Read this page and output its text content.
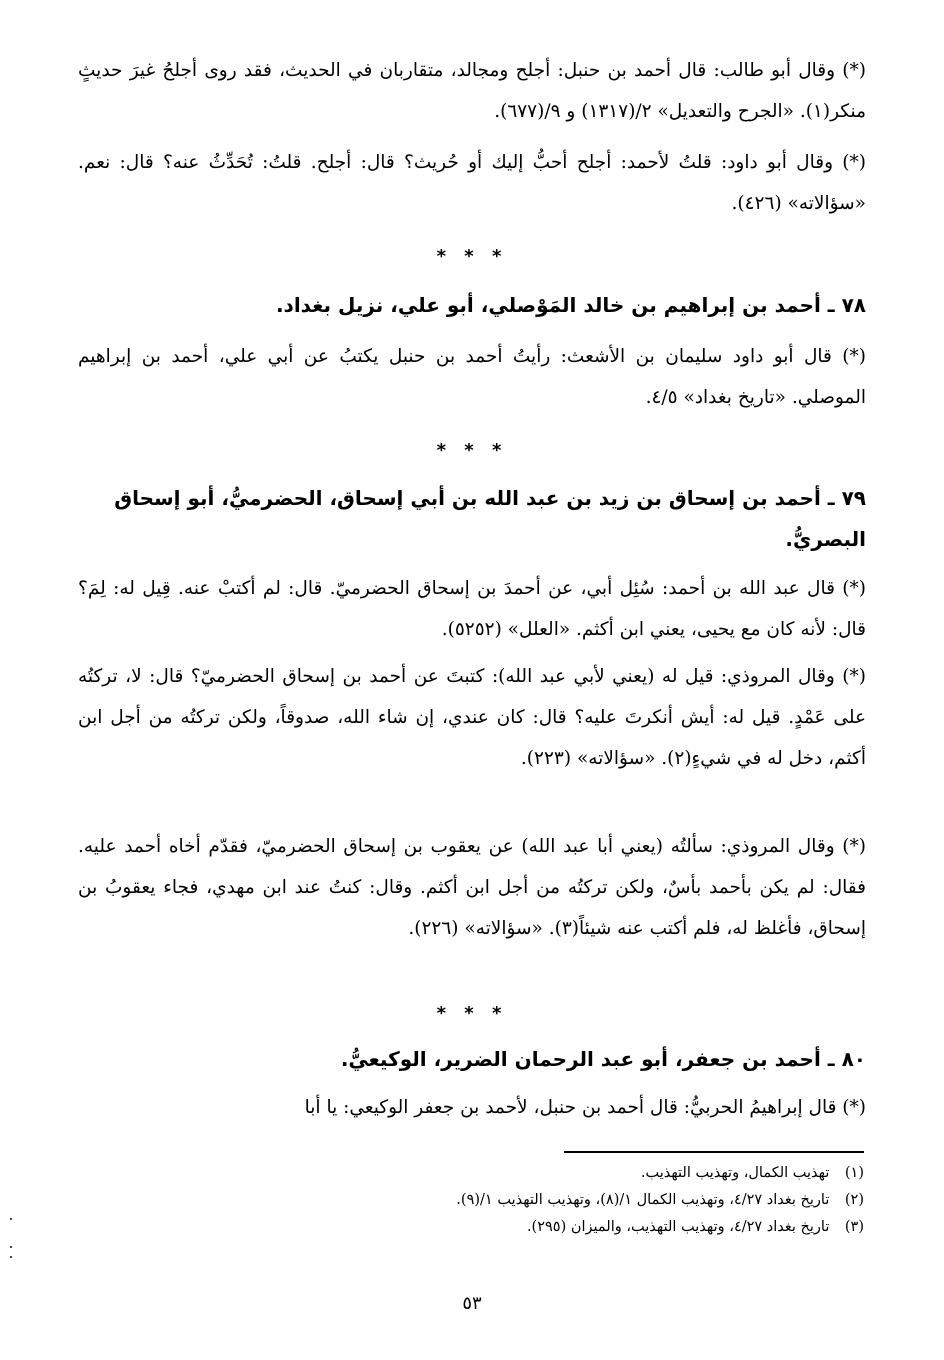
(*) وقال أبو طالب: قال أحمد بن حنبل: أجلح ومجالد، متقاربان في الحديث، فقد روى أجلحُ غيرَ حديثٍ منكر(١). «الجرح والتعديل» ٢/(١٣١٧) و ٩/(٦٧٧).
(*) وقال أبو داود: قلتُ لأحمد: أجلح أحبُّ إليك أو حُريث؟ قال: أجلح. قلتُ: تُحَدِّثُ عنه؟ قال: نعم. «سؤالاته» (٤٢٦).
* * *
٧٨ ـ أحمد بن إبراهيم بن خالد المَوْصلي، أبو علي، نزيل بغداد.
(*) قال أبو داود سليمان بن الأشعث: رأيتُ أحمد بن حنبل يكتبُ عن أبي علي، أحمد بن إبراهيم الموصلي. «تاريخ بغداد» ٤/٥.
* * *
٧٩ ـ أحمد بن إسحاق بن زيد بن عبد الله بن أبي إسحاق، الحضرميُّ، أبو إسحاق البصريُّ.
(*) قال عبد الله بن أحمد: سُئِل أبي، عن أحمدَ بن إسحاق الحضرميّ. قال: لم أكتبْ عنه. قِيل له: لِمَ؟ قال: لأنه كان مع يحيى، يعني ابن أكثم. «العلل» (٥٢٥٢).
(*) وقال المروذي: قيل له (يعني لأبي عبد الله): كتبتَ عن أحمد بن إسحاق الحضرميّ؟ قال: لا، تركتُه على عَمْدٍ. قيل له: أيش أنكرتَ عليه؟ قال: كان عندي، إن شاء الله، صدوقاً، ولكن تركتُه من أجل ابن أكثم، دخل له في شيءٍ(٢). «سؤالاته» (٢٢٣).
(*) وقال المروذي: سألتُه (يعني أبا عبد الله) عن يعقوب بن إسحاق الحضرميّ، فقدّم أخاه أحمد عليه. فقال: لم يكن بأحمد بأسٌ، ولكن تركتُه من أجل ابن أكثم. وقال: كنتُ عند ابن مهدي، فجاء يعقوبُ بن إسحاق، فأغلظ له، فلم أكتب عنه شيئاً(٣). «سؤالاته» (٢٢٦).
* * *
٨٠ ـ أحمد بن جعفر، أبو عبد الرحمان الضرير، الوكيعيُّ.
(*) قال إبراهيمُ الحربيُّ: قال أحمد بن حنبل، لأحمد بن جعفر الوكيعي: يا أبا
(١) تهذيب الكمال، وتهذيب التهذيب.
(٢) تاريخ بغداد ٤/٢٧، وتهذيب الكمال ١/(٨)، وتهذيب التهذيب ١/(٩).
(٣) تاريخ بغداد ٤/٢٧، وتهذيب التهذيب، والميزان (٢٩٥).
٥٣
